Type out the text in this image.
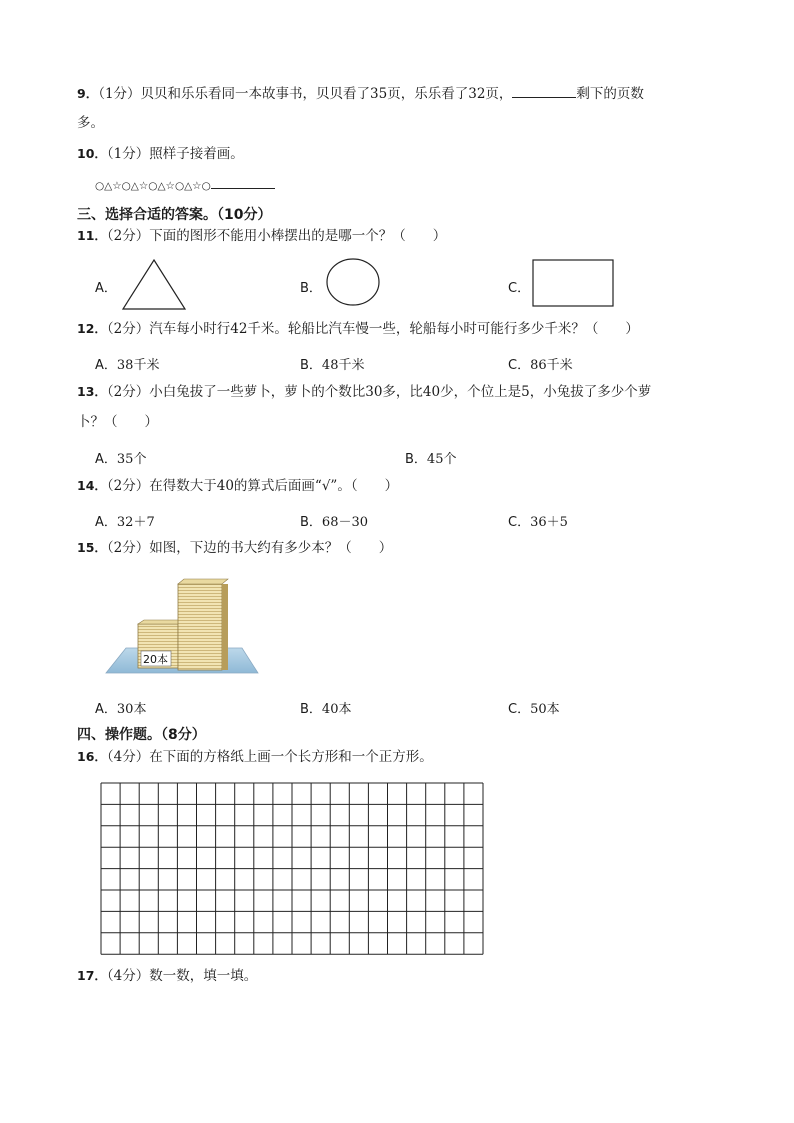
9．（1分）贝贝和乐乐看同一本故事书，贝贝看了35页，乐乐看了32页，	剩下的页数
多。
10．（1分）照样子接着画。
○△☆○△☆○△☆○△☆○
三、选择合适的答案。（10分）
11．（2分）下面的图形不能用小棒摆出的是哪一个？（　　）
A．	B．	C．
12．（2分）汽车每小时行42千米。轮船比汽车慢一些，轮船每小时可能行多少千米？（　　）
A．38千米	B．48千米	C．86千米
13．（2分）小白兔拔了一些萝卜，萝卜的个数比30多，比40少，个位上是5，小兔拔了多少个萝
卜？（　　）
A．35个	B．45个
14．（2分）在得数大于40的算式后面画“√”。（　　）
A．32＋7	B．68－30	C．36＋5
15．（2分）如图，下边的书大约有多少本？（　　）
20本
A．30本	B．40本	C．50本
四、操作题。（8分）
16．（4分）在下面的方格纸上画一个长方形和一个正方形。
17．（4分）数一数，填一填。
